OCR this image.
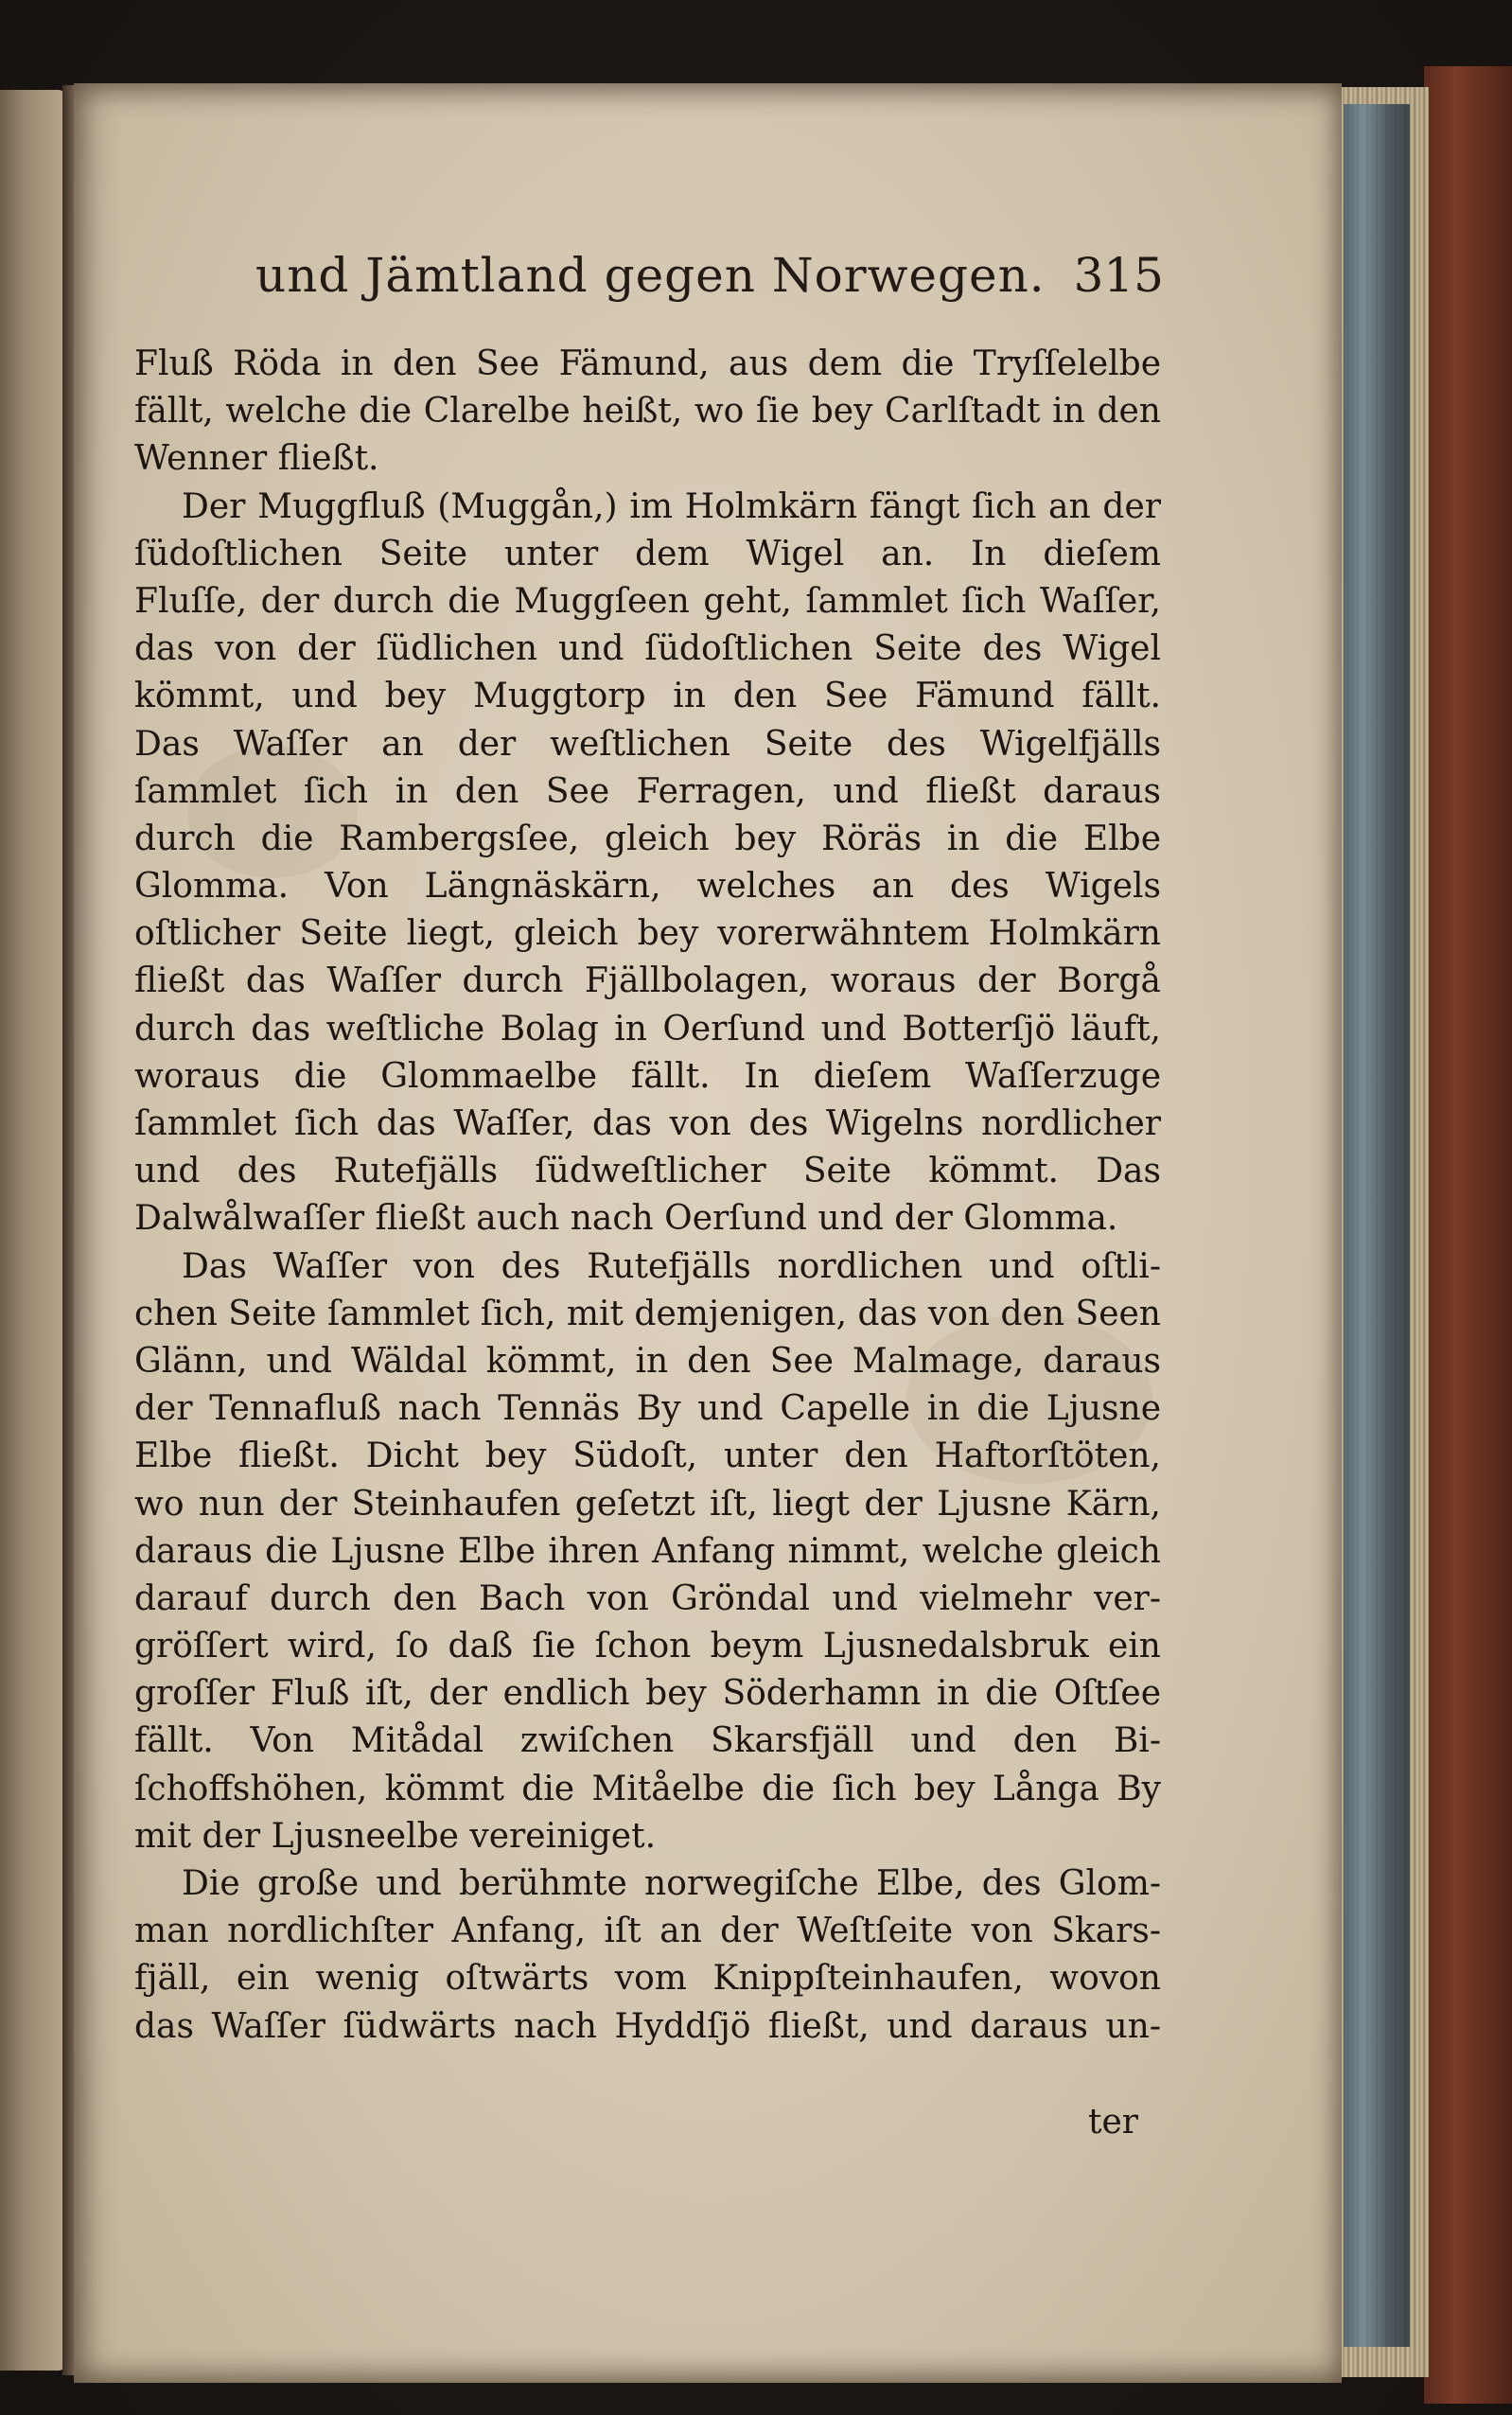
und Jämtland gegen Norwegen. 315
Fluß Röda in den See Fämund, aus dem die Tryſſelelbe
fällt, welche die Clarelbe heißt, wo ſie bey Carlſtadt in den
Wenner fließt.
Der Muggfluß (Muggån,) im Holmkärn fängt ſich an der
ſüdoſtlichen Seite unter dem Wigel an. In dieſem
Fluſſe, der durch die Muggſeen geht, ſammlet ſich Waſſer,
das von der ſüdlichen und ſüdoſtlichen Seite des Wigel
kömmt, und bey Muggtorp in den See Fämund fällt.
Das Waſſer an der weſtlichen Seite des Wigelfjälls
ſammlet ſich in den See Ferragen, und fließt daraus
durch die Rambergsſee, gleich bey Röräs in die Elbe
Glomma. Von Längnäskärn, welches an des Wigels
oſtlicher Seite liegt, gleich bey vorerwähntem Holmkärn
fließt das Waſſer durch Fjällbolagen, woraus der Borgå
durch das weſtliche Bolag in Oerſund und Botterſjö läuft,
woraus die Glommaelbe fällt. In dieſem Waſſerzuge
ſammlet ſich das Waſſer, das von des Wigelns nordlicher
und des Rutefjälls ſüdweſtlicher Seite kömmt. Das
Dalwålwaſſer fließt auch nach Oerſund und der Glomma.
Das Waſſer von des Rutefjälls nordlichen und oſtli-
chen Seite ſammlet ſich, mit demjenigen, das von den Seen
Glänn, und Wäldal kömmt, in den See Malmage, daraus
der Tennafluß nach Tennäs By und Capelle in die Ljusne
Elbe fließt. Dicht bey Südoſt, unter den Haftorſtöten,
wo nun der Steinhaufen geſetzt iſt, liegt der Ljusne Kärn,
daraus die Ljusne Elbe ihren Anfang nimmt, welche gleich
darauf durch den Bach von Gröndal und vielmehr ver-
gröſſert wird, ſo daß ſie ſchon beym Ljusnedalsbruk ein
groſſer Fluß iſt, der endlich bey Söderhamn in die Oſtſee
fällt. Von Mitådal zwiſchen Skarsfjäll und den Bi-
ſchoffshöhen, kömmt die Mitåelbe die ſich bey Långa By
mit der Ljusneelbe vereiniget.
Die große und berühmte norwegiſche Elbe, des Glom-
man nordlichſter Anfang, iſt an der Weſtſeite von Skars-
fjäll, ein wenig oſtwärts vom Knippſteinhaufen, wovon
das Waſſer ſüdwärts nach Hyddſjö fließt, und daraus un-
ter
